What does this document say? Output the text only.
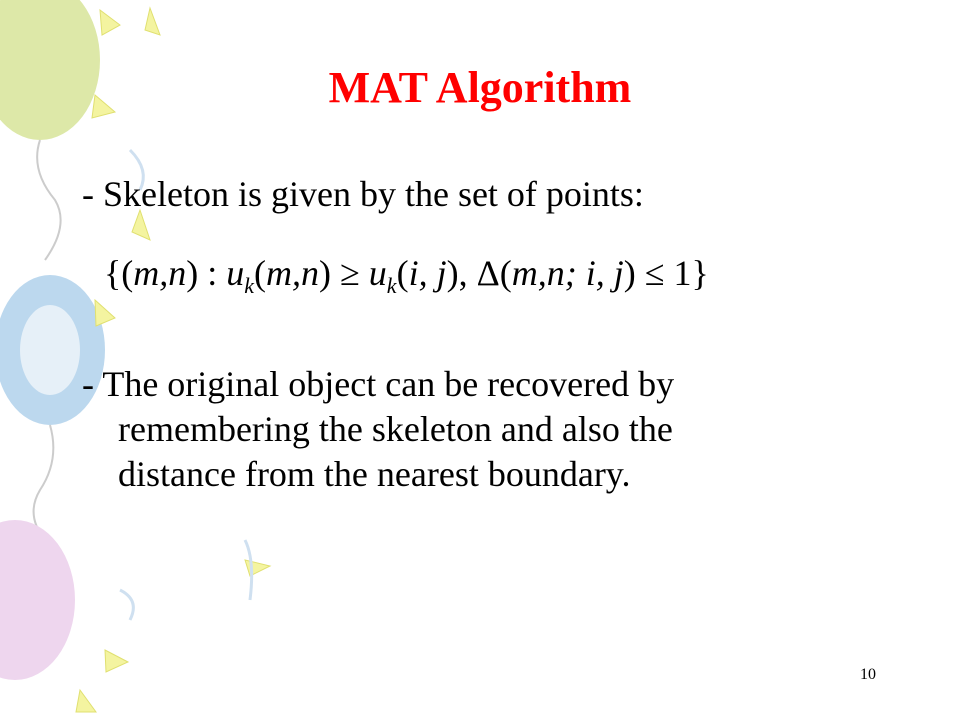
MAT Algorithm
- Skeleton is given by the set of points:
{(m,n) : $u_k(m,n) \ge u_k(i$, j), Δ(m,n; i, j) ≤ 1}
- The original object can be recovered by
remembering the skeleton and also the
distance from the nearest boundary.
10
